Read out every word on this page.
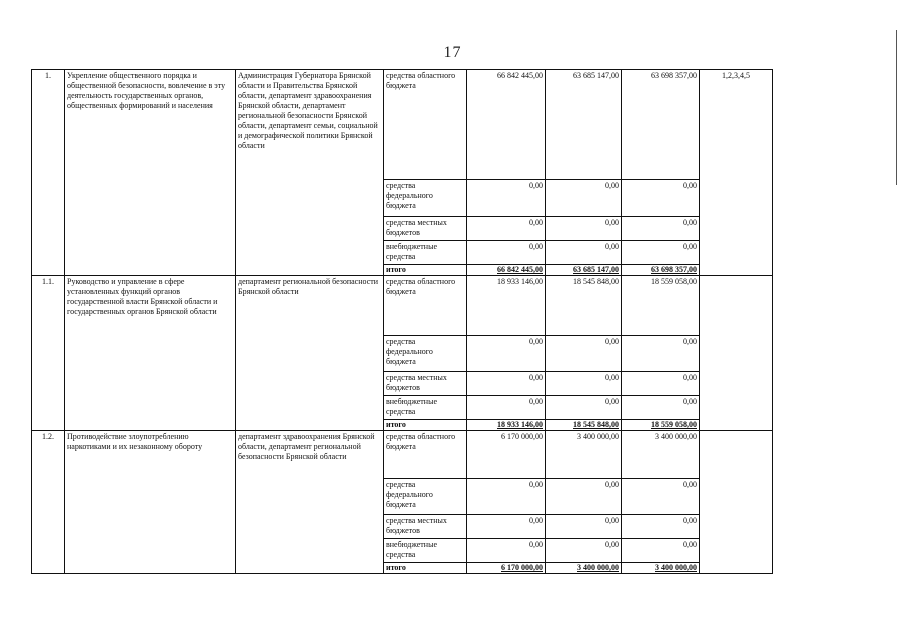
17
1.	Укрепление общественного порядка и общественной безопасности, вовлечение в эту деятельность государственных органов, общественных формирований и населения	Администрация Губернатора Брянской области и Правительства Брянской области, департамент здравоохранения Брянской области, департамент региональной безопасности Брянской области, департамент семьи, социальной и демографической политики Брянской области	средства областного бюджета	66 842 445,00	63 685 147,00	63 698 357,00	1,2,3,4,5
			средства федерального бюджета	0,00	0,00	0,00	
			средства местных бюджетов	0,00	0,00	0,00	
			внебюджетные средства	0,00	0,00	0,00	
			итого	66 842 445,00	63 685 147,00	63 698 357,00	
1.1.	Руководство и управление в сфере установленных функций органов государственной власти Брянской области и государственных органов Брянской области	департамент региональной безопасности Брянской области	средства областного бюджета	18 933 146,00	18 545 848,00	18 559 058,00	
			средства федерального бюджета	0,00	0,00	0,00	
			средства местных бюджетов	0,00	0,00	0,00	
			внебюджетные средства	0,00	0,00	0,00	
			итого	18 933 146,00	18 545 848,00	18 559 058,00	
1.2.	Противодействие злоупотреблению наркотиками и их незаконному обороту	департамент здравоохранения Брянской области, департамент региональной безопасности Брянской области	средства областного бюджета	6 170 000,00	3 400 000,00	3 400 000,00	
			средства федерального бюджета	0,00	0,00	0,00	
			средства местных бюджетов	0,00	0,00	0,00	
			внебюджетные средства	0,00	0,00	0,00	
			итого	6 170 000,00	3 400 000,00	3 400 000,00	
